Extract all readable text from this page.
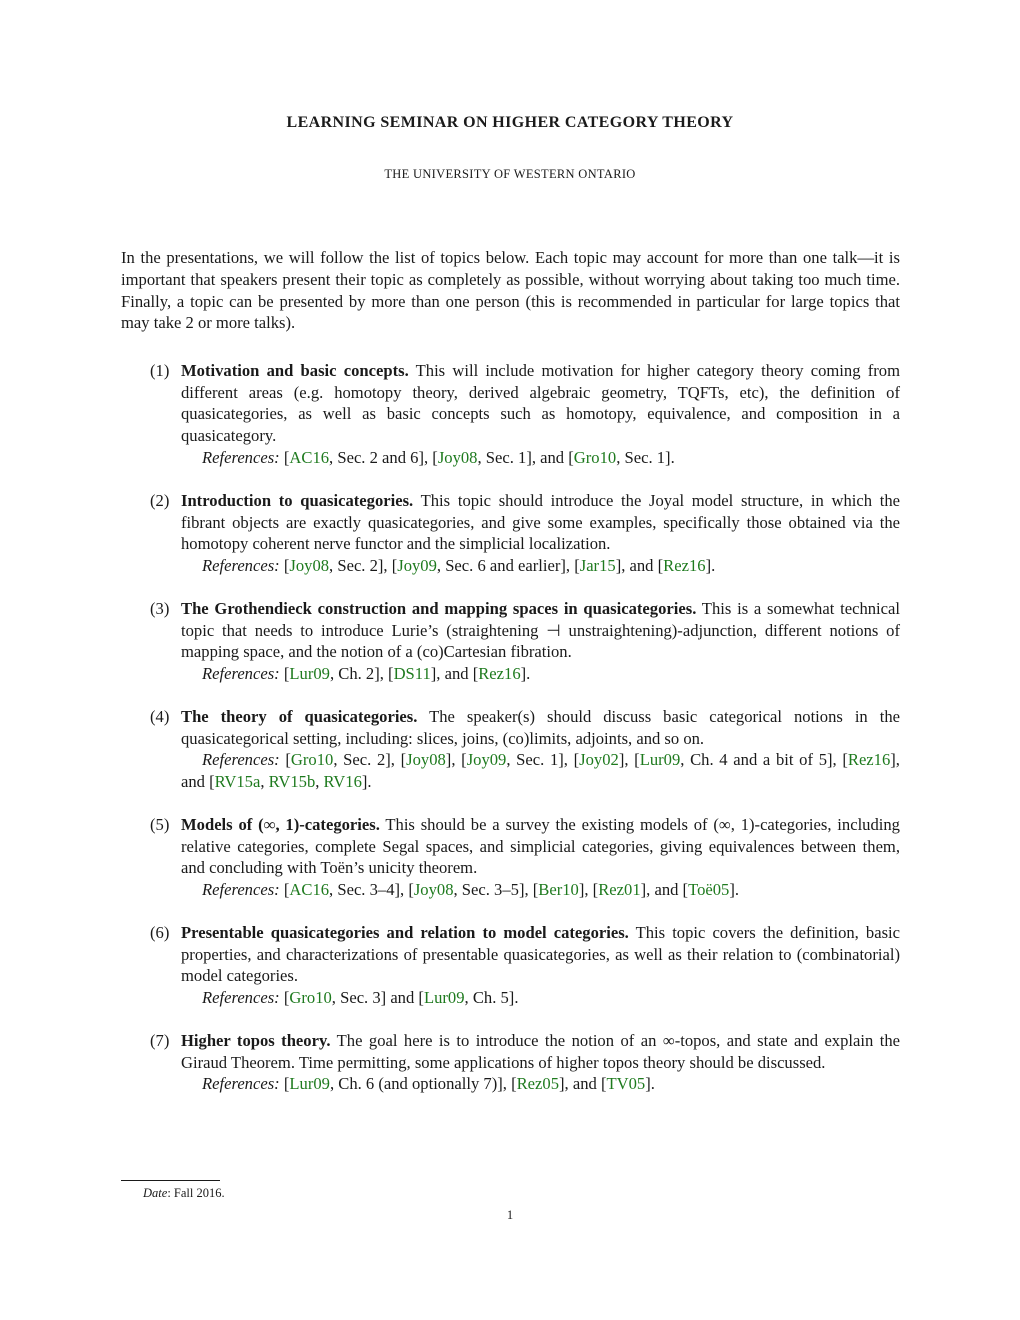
LEARNING SEMINAR ON HIGHER CATEGORY THEORY
THE UNIVERSITY OF WESTERN ONTARIO

In the presentations, we will follow the list of topics below. Each topic may account for more than one talk—it is important that speakers present their topic as completely as possible, without worrying about taking too much time. Finally, a topic can be presented by more than one person (this is recommended in particular for large topics that may take 2 or more talks).

(1) Motivation and basic concepts. This will include motivation for higher category theory coming from different areas (e.g. homotopy theory, derived algebraic geometry, TQFTs, etc), the definition of quasicategories, as well as basic concepts such as homotopy, equivalence, and composition in a quasicategory.
References: [AC16, Sec. 2 and 6], [Joy08, Sec. 1], and [Gro10, Sec. 1].
(2) Introduction to quasicategories. This topic should introduce the Joyal model structure, in which the fibrant objects are exactly quasicategories, and give some examples, specifically those obtained via the homotopy coherent nerve functor and the simplicial localization.
References: [Joy08, Sec. 2], [Joy09, Sec. 6 and earlier], [Jar15], and [Rez16].
(3) The Grothendieck construction and mapping spaces in quasicategories. This is a somewhat technical topic that needs to introduce Lurie’s (straightening ⊣ unstraightening)-adjunction, different notions of mapping space, and the notion of a (co)Cartesian fibration.
References: [Lur09, Ch. 2], [DS11], and [Rez16].
(4) The theory of quasicategories. The speaker(s) should discuss basic categorical notions in the quasicategorical setting, including: slices, joins, (co)limits, adjoints, and so on.
References: [Gro10, Sec. 2], [Joy08], [Joy09, Sec. 1], [Joy02], [Lur09, Ch. 4 and a bit of 5], [Rez16], and [RV15a, RV15b, RV16].
(5) Models of (∞, 1)-categories. This should be a survey the existing models of (∞, 1)-categories, including relative categories, complete Segal spaces, and simplicial categories, giving equivalences between them, and concluding with Toën’s unicity theorem.
References: [AC16, Sec. 3–4], [Joy08, Sec. 3–5], [Ber10], [Rez01], and [Toë05].
(6) Presentable quasicategories and relation to model categories. This topic covers the definition, basic properties, and characterizations of presentable quasicategories, as well as their relation to (combinatorial) model categories.
References: [Gro10, Sec. 3] and [Lur09, Ch. 5].
(7) Higher topos theory. The goal here is to introduce the notion of an ∞-topos, and state and explain the Giraud Theorem. Time permitting, some applications of higher topos theory should be discussed.
References: [Lur09, Ch. 6 (and optionally 7)], [Rez05], and [TV05].
Date: Fall 2016.
1
